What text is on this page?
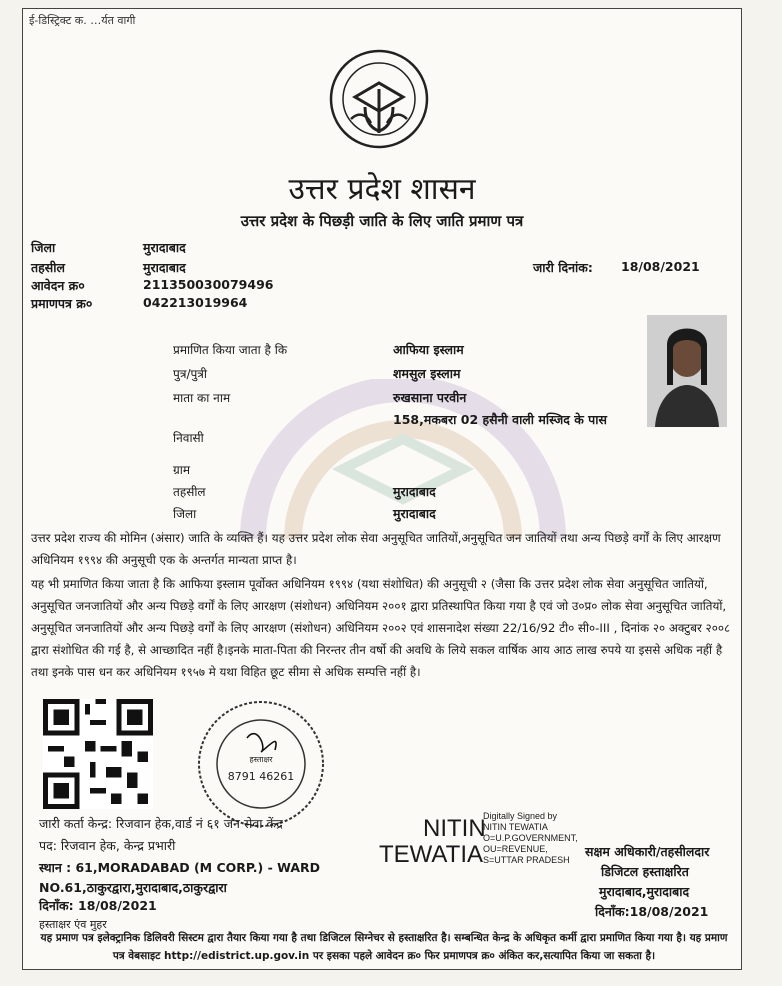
ई-डिस्ट्रिक्ट क. …र्यत वागी
उत्तर प्रदेश शासन
उत्तर प्रदेश के पिछड़ी जाति के लिए जाति प्रमाण पत्र
जिला	मुरादाबाद
तहसील	मुरादाबाद
आवेदन क्र०	211350030079496
प्रमाणपत्र क्र०	042213019964
जारी दिनांक: 18/08/2021
प्रमाणित किया जाता है कि	आफिया इस्लाम
पुत्र/पुत्री	शमसुल इस्लाम
माता का नाम	रुखसाना परवीन
निवासी
158,मकबरा 02 हसैनी वाली मस्जिद के पास
ग्राम
तहसील	मुरादाबाद
जिला	मुरादाबाद
उत्तर प्रदेश राज्य की मोमिन (अंसार) जाति के व्यक्ति हैं। यह उत्तर प्रदेश लोक सेवा अनुसूचित जातियों,अनुसूचित जन जातियों तथा अन्य पिछड़े वर्गों के लिए आरक्षण अधिनियम १९९४ की अनुसूची एक के अन्तर्गत मान्यता प्राप्त है।
यह भी प्रमाणित किया जाता है कि आफिया इस्लाम पूर्वोक्त अधिनियम १९९४ (यथा संशोधित) की अनुसूची २ (जैसा कि उत्तर प्रदेश लोक सेवा अनुसूचित जातियों, अनुसूचित जनजातियों और अन्य पिछड़े वर्गों के लिए आरक्षण (संशोधन) अधिनियम २००१ द्वारा प्रतिस्थापित किया गया है एवं जो उ०प्र० लोक सेवा अनुसूचित जातियों, अनुसूचित जनजातियों और अन्य पिछड़े वर्गों के लिए आरक्षण (संशोधन) अधिनियम २००२ एवं शासनादेश संख्या 22/16/92 टी० सी०-III , दिनांक २० अक्टुबर २००८ द्वारा संशोधित की गई है, से आच्छादित नहीं है।इनके माता-पिता की निरन्तर तीन वर्षो की अवधि के लिये सकल वार्षिक आय आठ लाख रुपये या इससे अधिक नहीं है तथा इनके पास धन कर अधिनियम १९५७ मे यथा विहित छूट सीमा से अधिक सम्पत्ति नहीं है।
हस्ताक्षर
8791 46261
जारी कर्ता केन्द्र: रिजवान हेक,वार्ड नं ६१ जन सेवा केंद्र
पद: रिजवान हेक, केन्द्र प्रभारी
स्थान : 61,MORADABAD (M CORP.) - WARD
NO.61,ठाकुरद्वारा,मुरादाबाद,ठाकुरद्वारा
दिनाँक: 18/08/2021
हस्ताक्षर एंव मुहर
NITIN
TEWATIA
Digitally Signed by
NITIN TEWATIA
O=U.P.GOVERNMENT,
OU=REVENUE,
S=UTTAR PRADESH
सक्षम अधिकारी/तहसीलदार
डिजिटल हस्ताक्षरित
मुरादाबाद,मुरादाबाद
दिनाँक:18/08/2021
यह प्रमाण पत्र इलेक्ट्रानिक डिलिवरी सिस्टम द्वारा तैयार किया गया है तथा डिजिटल सिग्नेचर से हस्ताक्षरित है। सम्बन्धित केन्द्र के अधिकृत कर्मी द्वारा प्रमाणित किया गया है। यह प्रमाण पत्र वेबसाइट http://edistrict.up.gov.in पर इसका पहले आवेदन क्र० फिर प्रमाणपत्र क्र० अंकित कर,सत्यापित किया जा सकता है।
